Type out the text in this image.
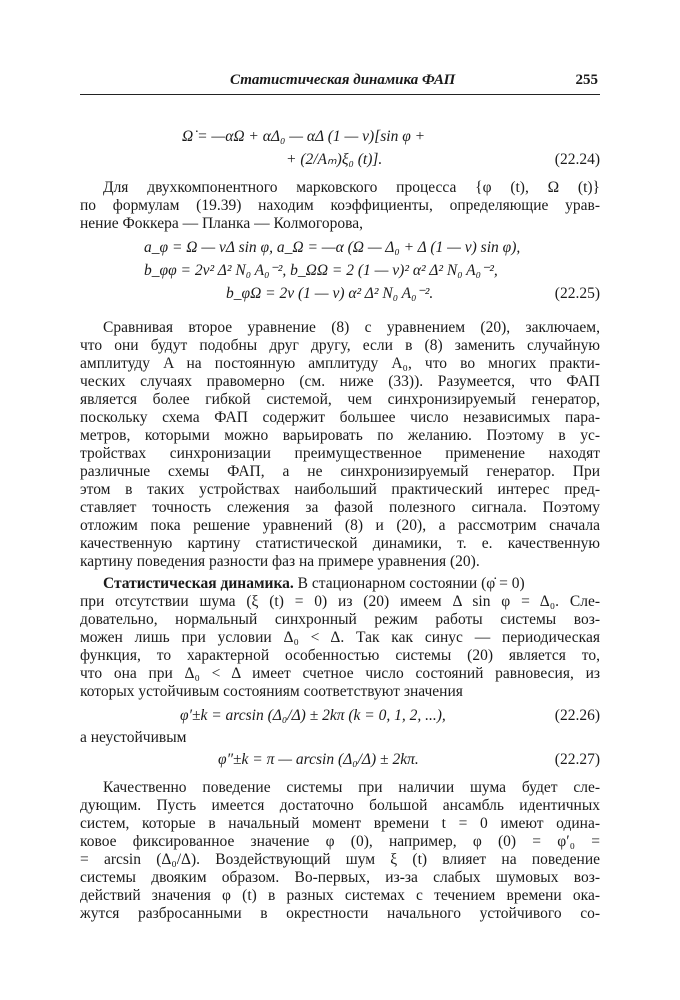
Статистическая динамика ФАП	255
Ω̇ = —αΩ + αΔ₀ — αΔ (1 — ν)[sin φ +
+ (2/Aₘ)ξ₀ (t)].	(22.24)
Для двухкомпонентного марковского процесса {φ (t), Ω (t)}
по формулам (19.39) находим коэффициенты, определяющие урав-
нение Фоккера — Планка — Колмогорова,
a_φ = Ω — νΔ sin φ, a_Ω = —α (Ω — Δ₀ + Δ (1 — ν) sin φ),
b_φφ = 2ν² Δ² N₀ A₀⁻², b_ΩΩ = 2 (1 — ν)² α² Δ² N₀ A₀⁻²,
b_φΩ = 2ν (1 — ν) α² Δ² N₀ A₀⁻².	(22.25)
Сравнивая второе уравнение (8) с уравнением (20), заключаем,
что они будут подобны друг другу, если в (8) заменить случайную
амплитуду A на постоянную амплитуду A₀, что во многих практи-
ческих случаях правомерно (см. ниже (33)). Разумеется, что ФАП
является более гибкой системой, чем синхронизируемый генератор,
поскольку схема ФАП содержит большее число независимых пара-
метров, которыми можно варьировать по желанию. Поэтому в ус-
тройствах синхронизации преимущественное применение находят
различные схемы ФАП, а не синхронизируемый генератор. При
этом в таких устройствах наибольший практический интерес пред-
ставляет точность слежения за фазой полезного сигнала. Поэтому
отложим пока решение уравнений (8) и (20), а рассмотрим сначала
качественную картину статистической динамики, т. е. качественную
картину поведения разности фаз на примере уравнения (20).
Статистическая динамика. В стационарном состоянии (φ̇ = 0)
при отсутствии шума (ξ (t) = 0) из (20) имеем Δ sin φ = Δ₀. Сле-
довательно, нормальный синхронный режим работы системы воз-
можен лишь при условии Δ₀ < Δ. Так как синус — периодическая
функция, то характерной особенностью системы (20) является то,
что она при Δ₀ < Δ имеет счетное число состояний равновесия, из
которых устойчивым состояниям соответствуют значения
φ′±k = arcsin (Δ₀/Δ) ± 2kπ (k = 0, 1, 2, ...),	(22.26)
а неустойчивым
φ″±k = π — arcsin (Δ₀/Δ) ± 2kπ.	(22.27)
Качественно поведение системы при наличии шума будет сле-
дующим. Пусть имеется достаточно большой ансамбль идентичных
систем, которые в начальный момент времени t = 0 имеют одина-
ковое фиксированное значение φ (0), например, φ (0) = φ′₀ =
= arcsin (Δ₀/Δ). Воздействующий шум ξ (t) влияет на поведение
системы двояким образом. Во-первых, из-за слабых шумовых воз-
действий значения φ (t) в разных системах с течением времени ока-
жутся разбросанными в окрестности начального устойчивого со-
